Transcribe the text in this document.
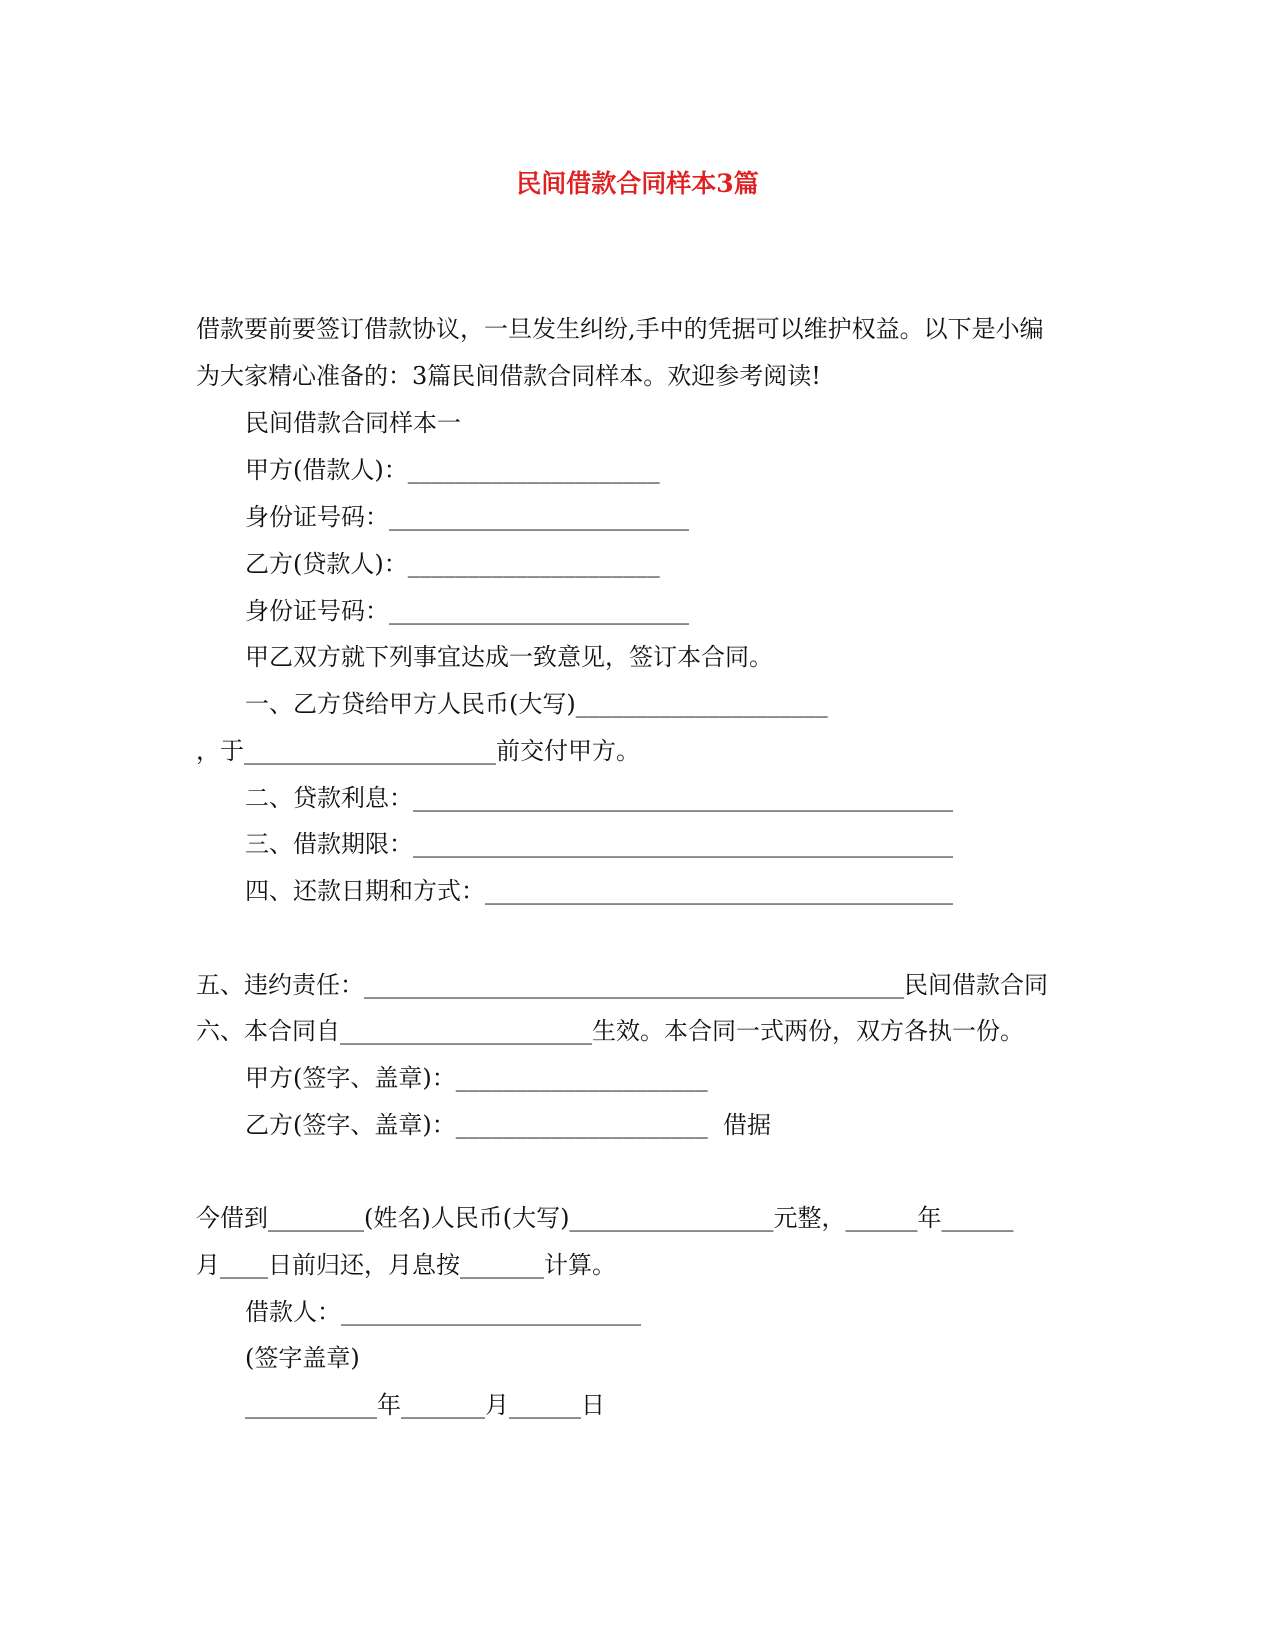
民间借款合同样本3篇
借款要前要签订借款协议，一旦发生纠纷,手中的凭据可以维护权益。以下是小编
为大家精心准备的：3篇民间借款合同样本。欢迎参考阅读!
民间借款合同样本一
甲方(借款人)：_____________________
身份证号码：_________________________
乙方(贷款人)：_____________________
身份证号码：_________________________
甲乙双方就下列事宜达成一致意见，签订本合同。
一、乙方贷给甲方人民币(大写)_____________________
，于_____________________前交付甲方。
二、贷款利息：_____________________________________________
三、借款期限：_____________________________________________
四、还款日期和方式：_______________________________________
五、违约责任：_____________________________________________民间借款合同
六、本合同自_____________________生效。本合同一式两份，双方各执一份。
甲方(签字、盖章)：_____________________
乙方(签字、盖章)：_____________________  借据
今借到________(姓名)人民币(大写)_________________元整，______年______
月____日前归还，月息按_______计算。
借款人：_________________________
(签字盖章)
___________年_______月______日
